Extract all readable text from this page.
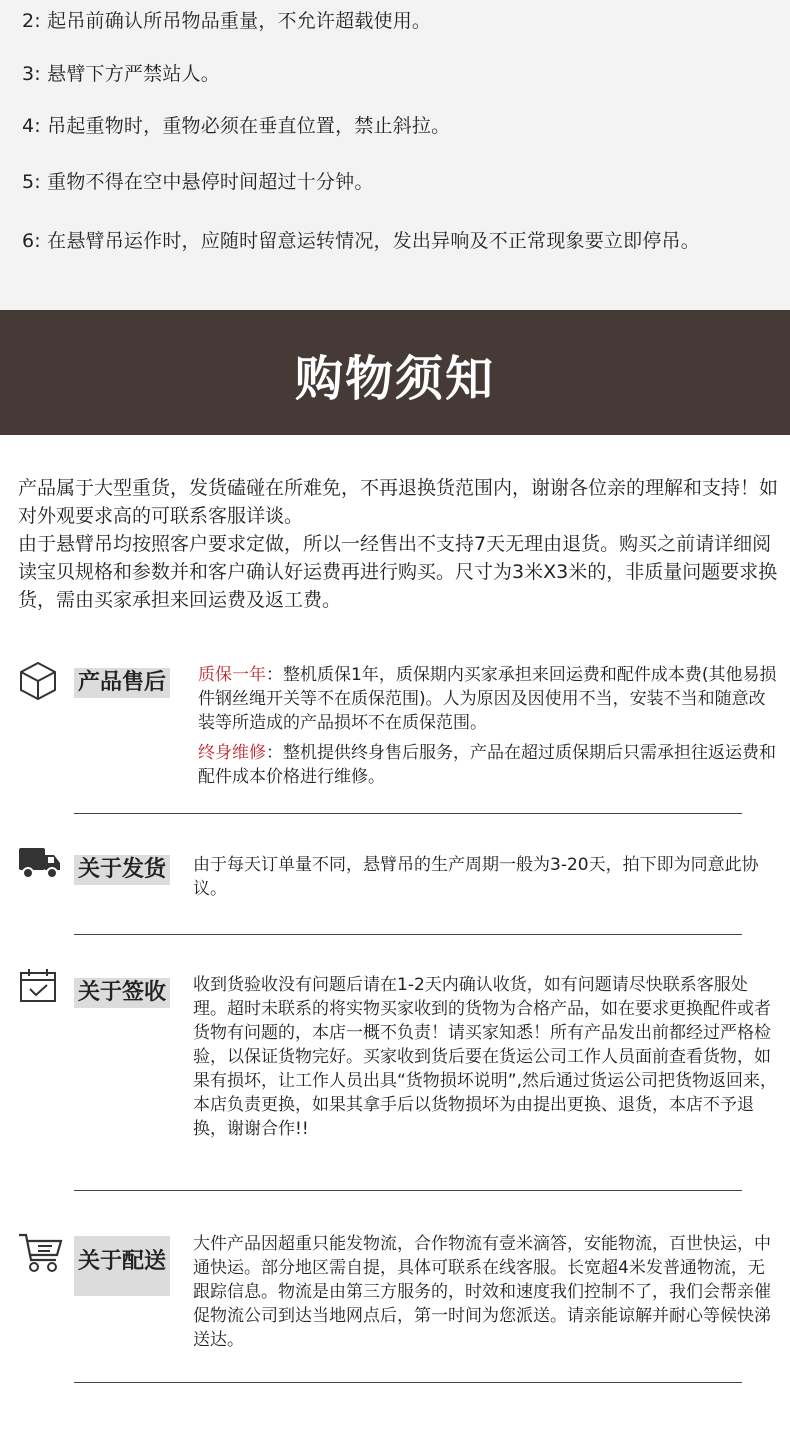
2: 起吊前确认所吊物品重量，不允许超载使用。
3: 悬臂下方严禁站人。
4: 吊起重物时，重物必须在垂直位置，禁止斜拉。
5: 重物不得在空中悬停时间超过十分钟。
6: 在悬臂吊运作时，应随时留意运转情况，发出异响及不正常现象要立即停吊。
购物须知

产品属于大型重货，发货磕碰在所难免，不再退换货范围内，谢谢各位亲的理解和支持！如对外观要求高的可联系客服详谈。

由于悬臂吊均按照客户要求定做，所以一经售出不支持7天无理由退货。购买之前请详细阅读宝贝规格和参数并和客户确认好运费再进行购买。尺寸为3米X3米的，非质量问题要求换货，需由买家承担来回运费及返工费。

产品售后 质保一年：整机质保1年，质保期内买家承担来回运费和配件成本费(其他易损件钢丝绳开关等不在质保范围)。人为原因及因使用不当，安装不当和随意改装等所造成的产品损坏不在质保范围。

终身维修：整机提供终身售后服务，产品在超过质保期后只需承担往返运费和配件成本价格进行维修。

关于发货 由于每天订单量不同，悬臂吊的生产周期一般为3-20天，拍下即为同意此协议。

关于签收 收到货验收没有问题后请在1-2天内确认收货，如有问题请尽快联系客服处理。超时未联系的将实物买家收到的货物为合格产品，如在要求更换配件或者货物有问题的，本店一概不负责！请买家知悉！所有产品发出前都经过严格检验，以保证货物完好。买家收到货后要在货运公司工作人员面前查看货物，如果有损坏，让工作人员出具“货物损坏说明”,然后通过货运公司把货物返回来，本店负责更换，如果其拿手后以货物损坏为由提出更换、退货，本店不予退换，谢谢合作!!

关于配送

大件产品因超重只能发物流，合作物流有壹米滴答，安能物流，百世快运，中通快运。部分地区需自提，具体可联系在线客服。长宽超4米发普通物流，无跟踪信息。物流是由第三方服务的，时效和速度我们控制不了，我们会帮亲催促物流公司到达当地网点后，第一时间为您派送。请亲能谅解并耐心等候快涕送达。
